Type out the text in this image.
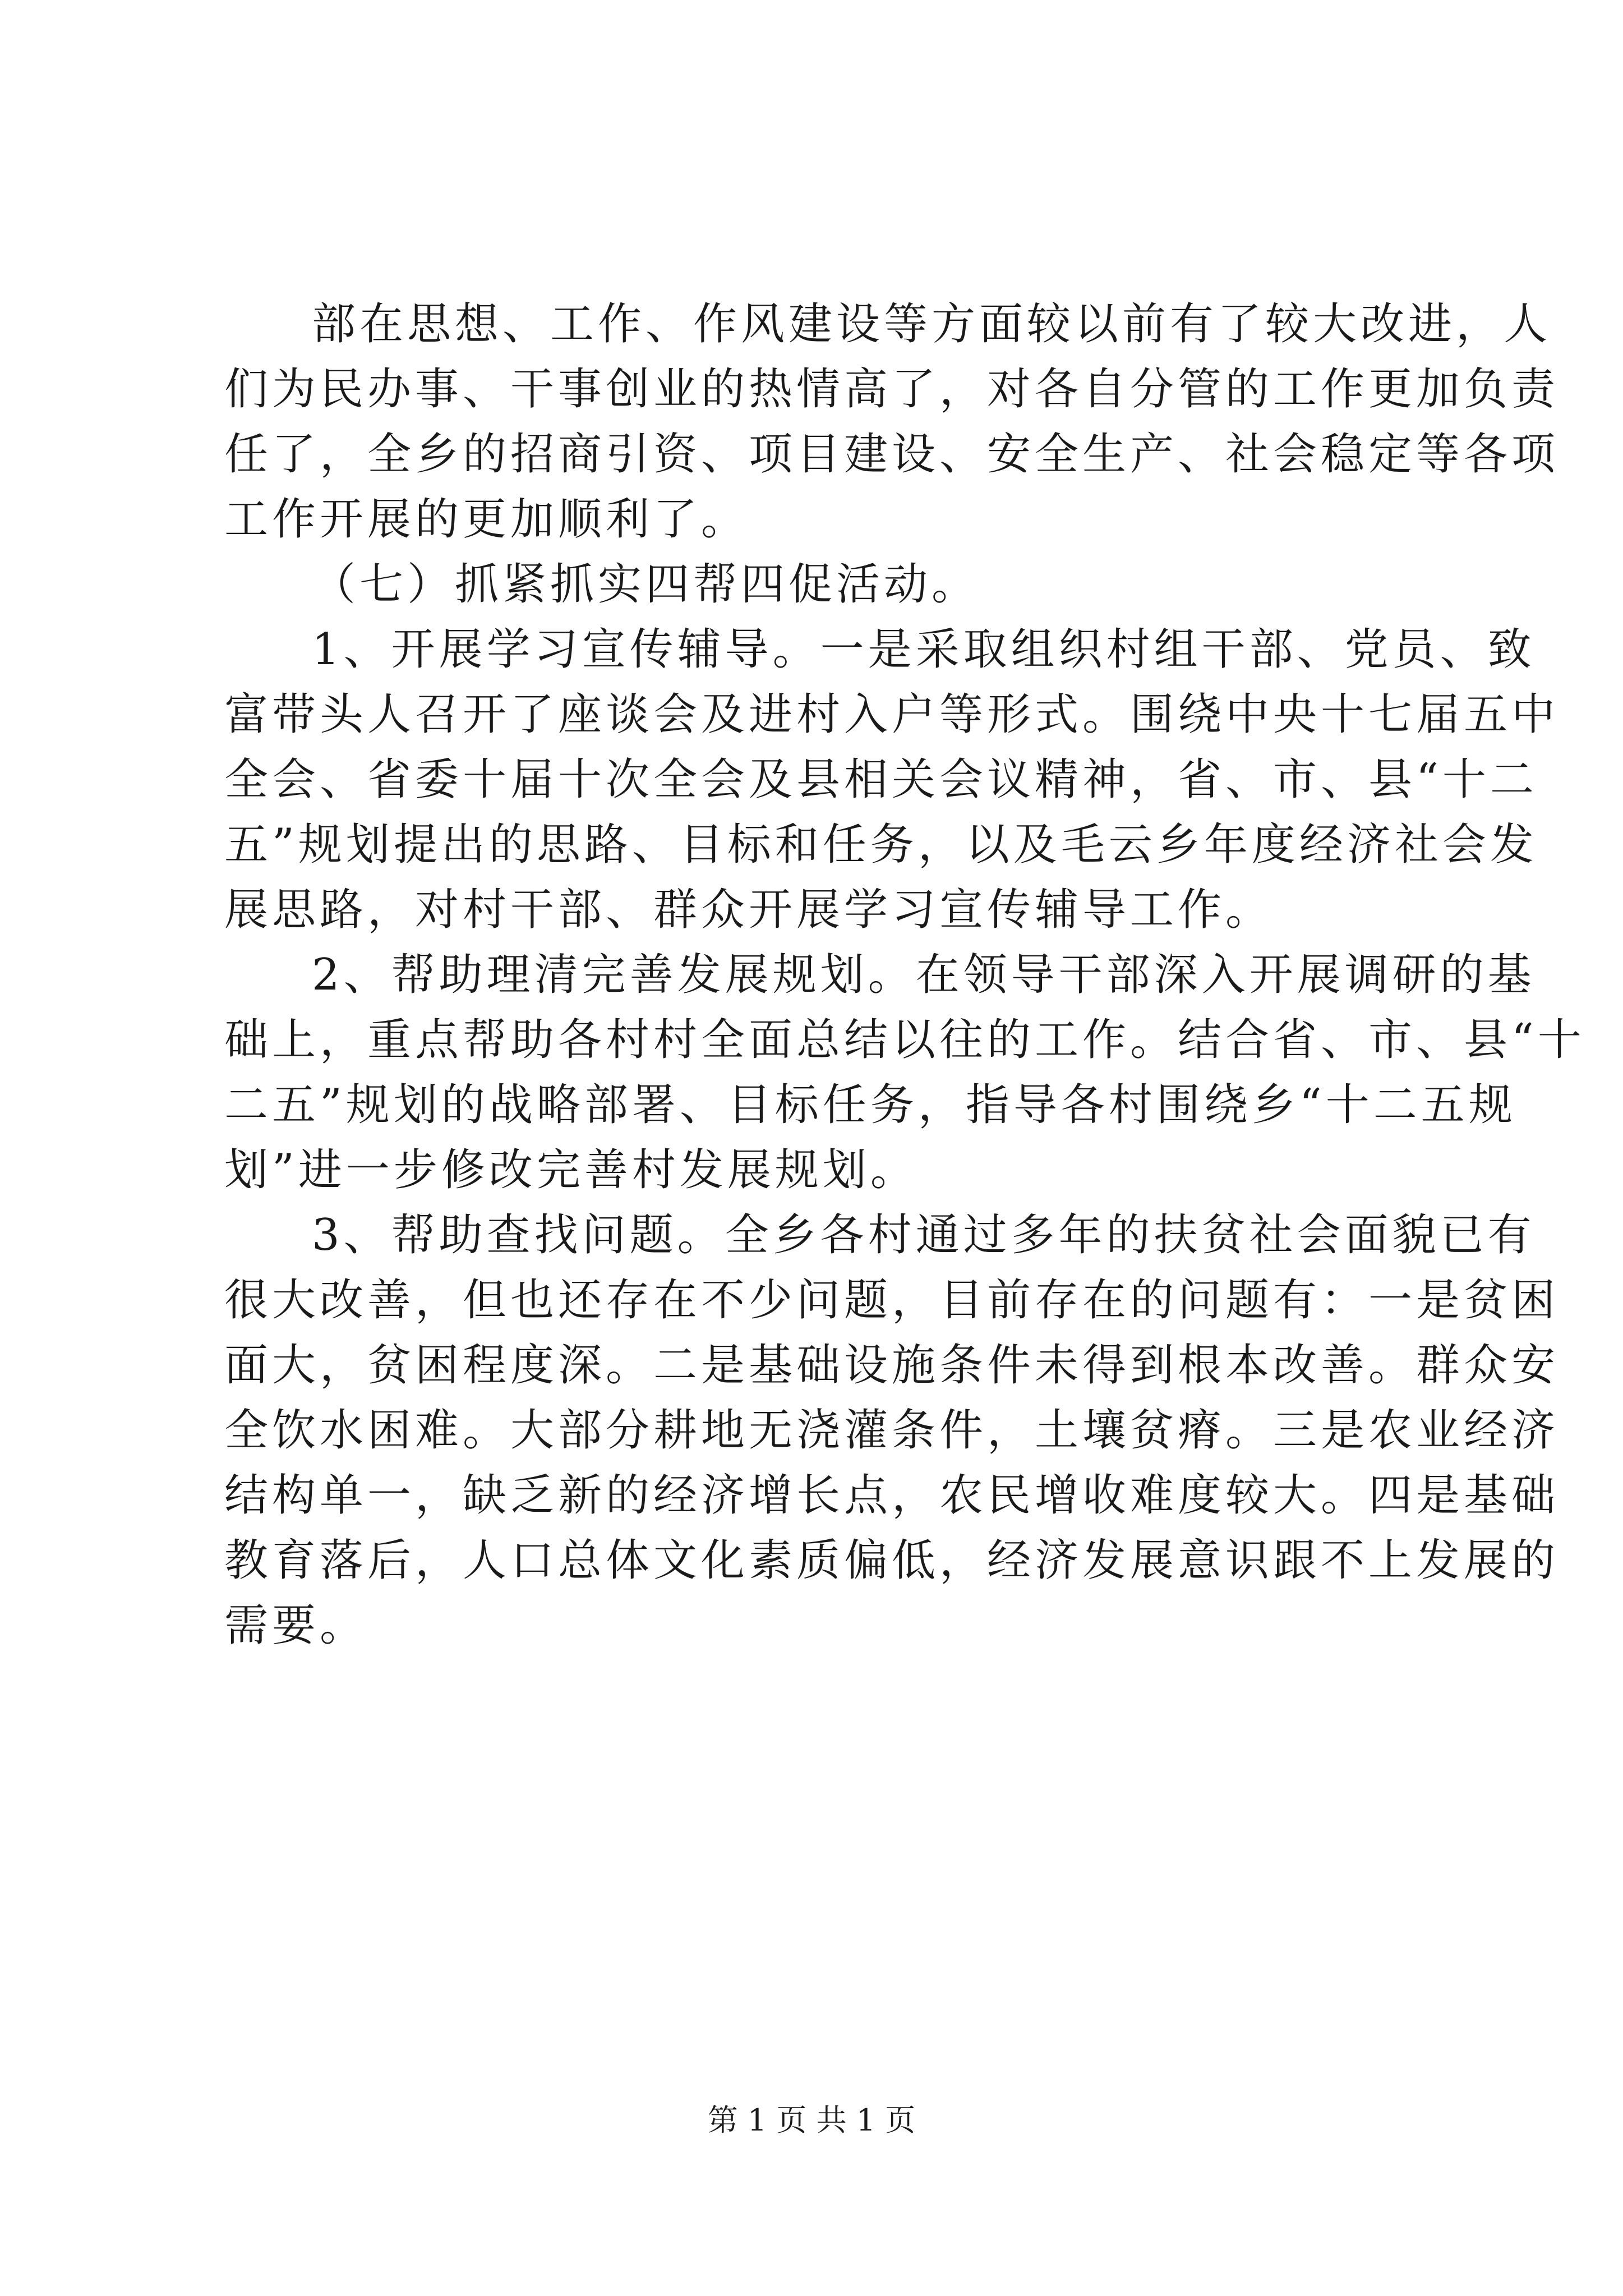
部在思想、工作、作风建设等方面较以前有了较大改进，人
们为民办事、干事创业的热情高了，对各自分管的工作更加负责
任了，全乡的招商引资、项目建设、安全生产、社会稳定等各项
工作开展的更加顺利了。
（七）抓紧抓实四帮四促活动。
1、开展学习宣传辅导。一是采取组织村组干部、党员、致
富带头人召开了座谈会及进村入户等形式。围绕中央十七届五中
全会、省委十届十次全会及县相关会议精神，省、市、县“十二
五”规划提出的思路、目标和任务，以及毛云乡年度经济社会发
展思路，对村干部、群众开展学习宣传辅导工作。
2、帮助理清完善发展规划。在领导干部深入开展调研的基
础上，重点帮助各村村全面总结以往的工作。结合省、市、县“十
二五”规划的战略部署、目标任务，指导各村围绕乡“十二五规
划”进一步修改完善村发展规划。
3、帮助查找问题。全乡各村通过多年的扶贫社会面貌已有
很大改善，但也还存在不少问题，目前存在的问题有：一是贫困
面大，贫困程度深。二是基础设施条件未得到根本改善。群众安
全饮水困难。大部分耕地无浇灌条件，土壤贫瘠。三是农业经济
结构单一，缺乏新的经济增长点，农民增收难度较大。四是基础
教育落后，人口总体文化素质偏低，经济发展意识跟不上发展的
需要。
第 1 页 共 1 页
